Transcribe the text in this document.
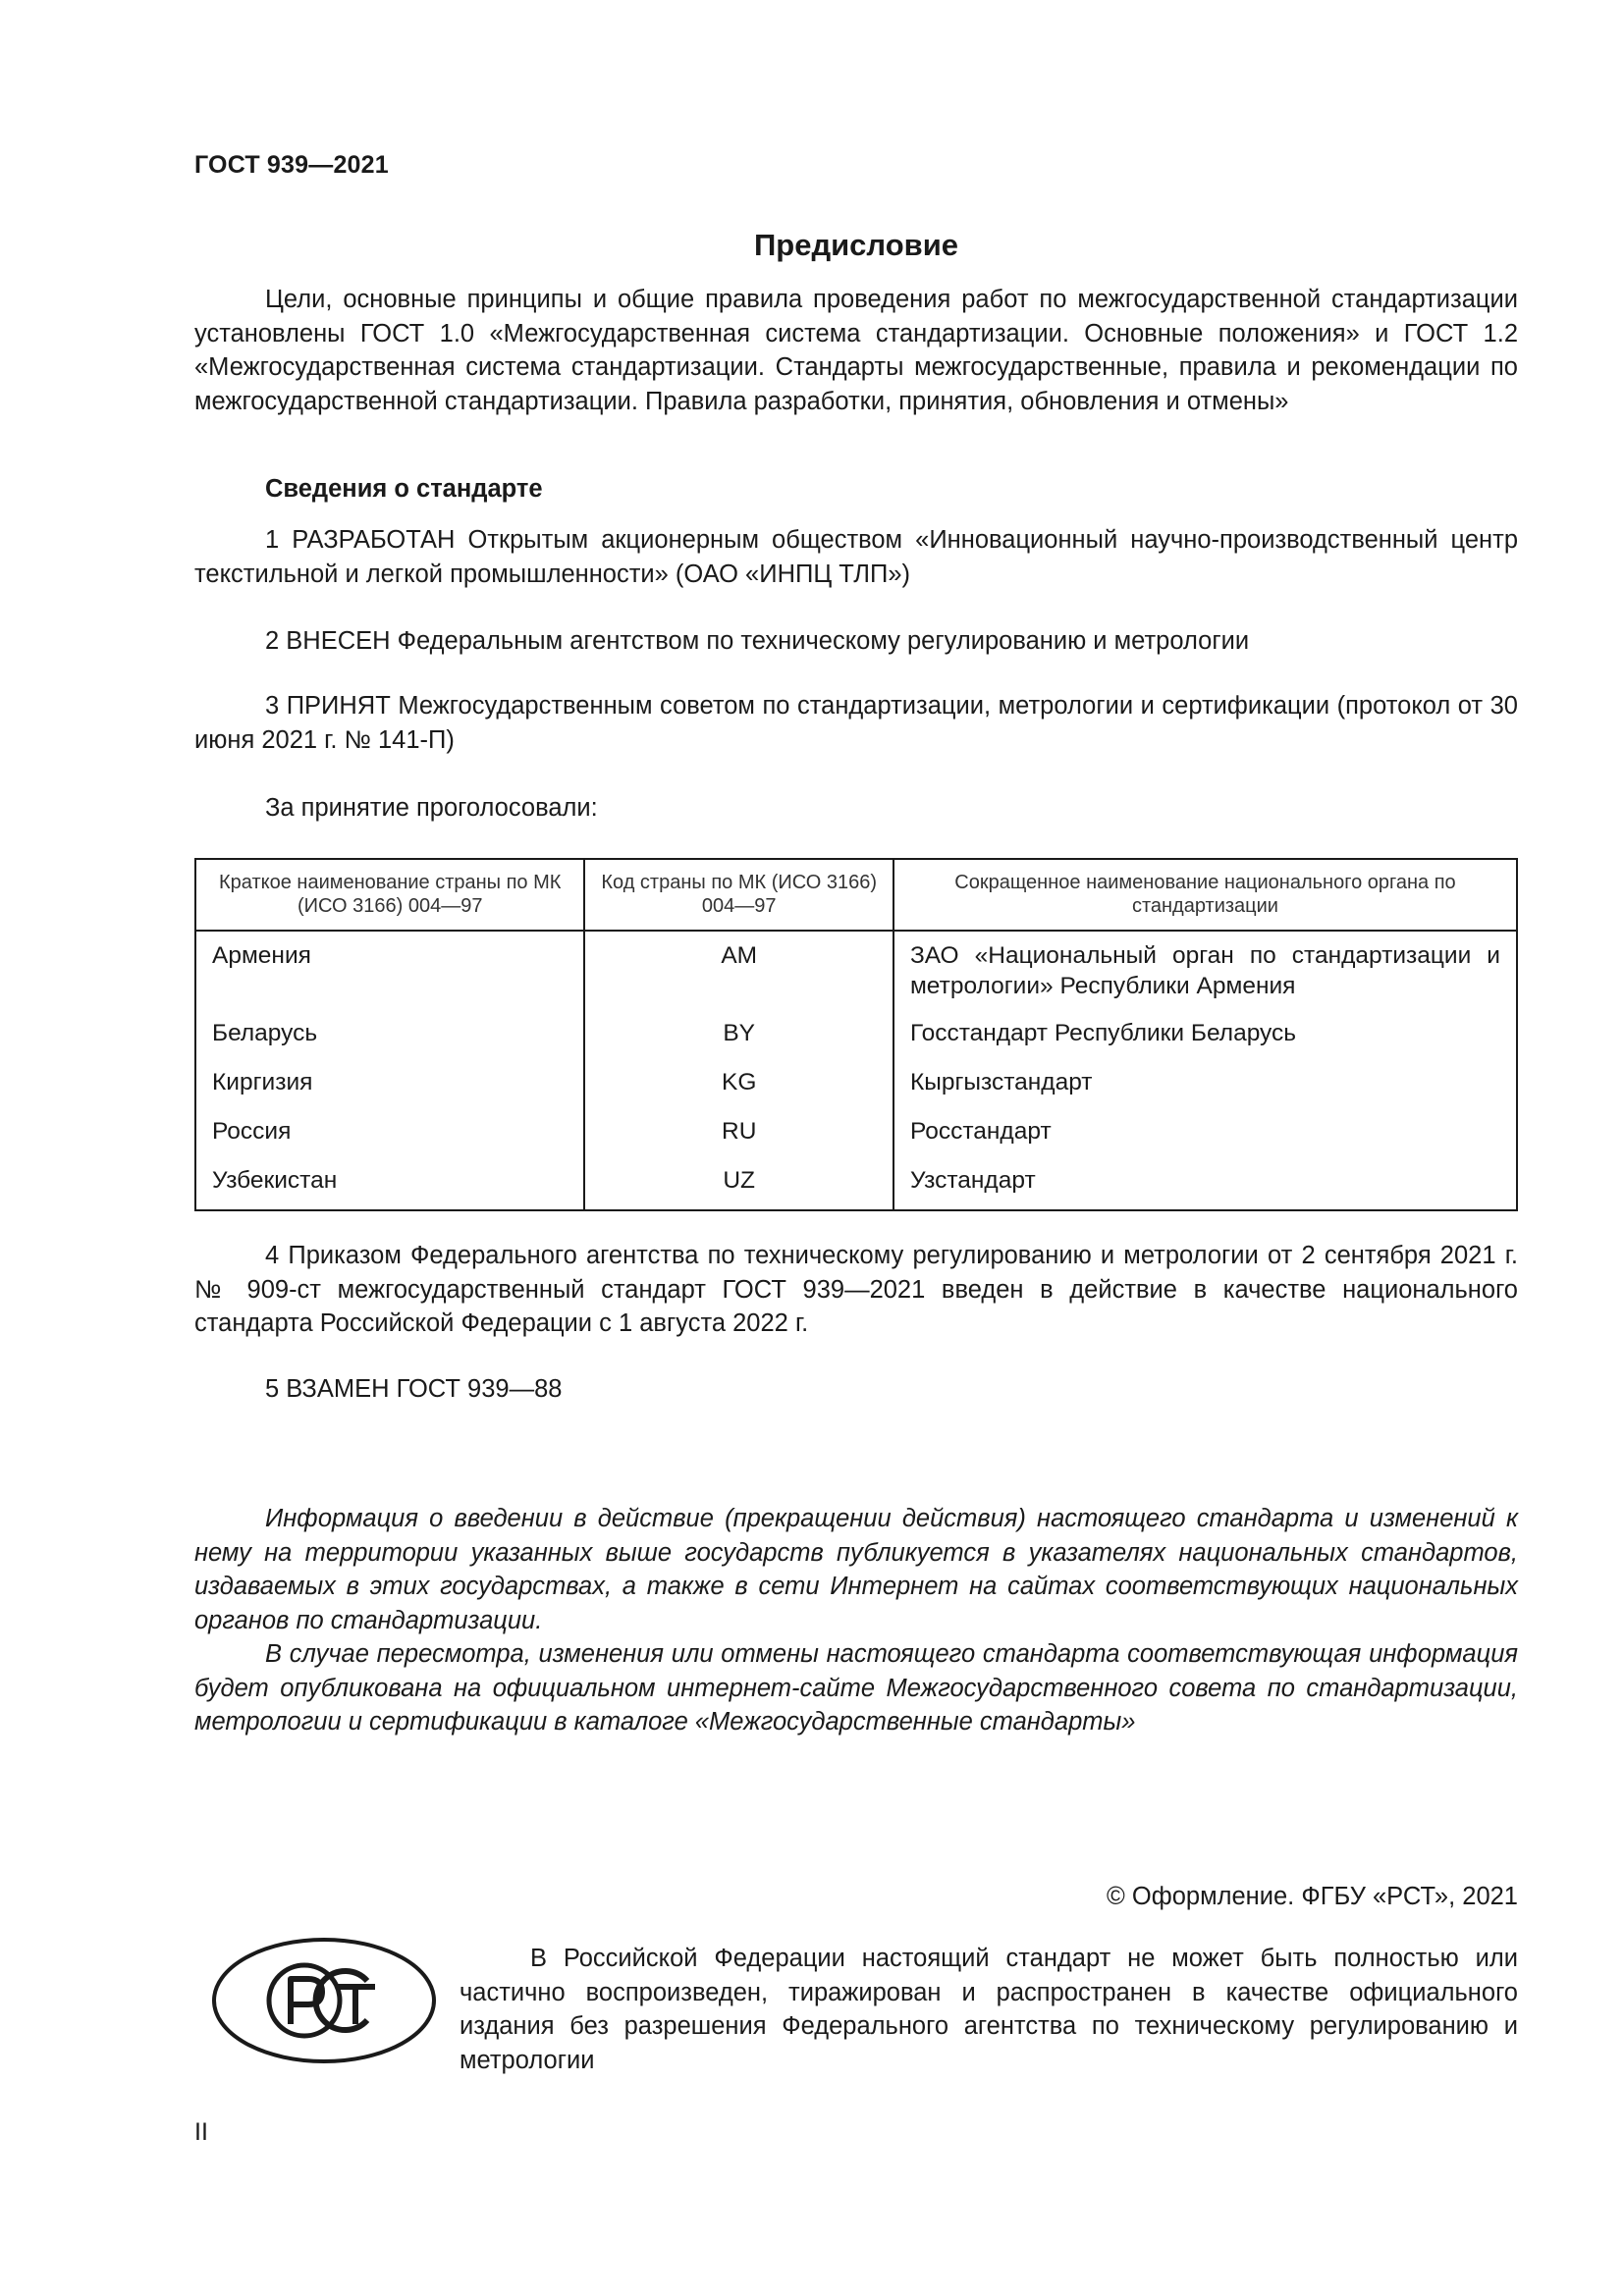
ГОСТ 939—2021
Предисловие

Цели, основные принципы и общие правила проведения работ по межгосударственной стандартизации установлены ГОСТ 1.0 «Межгосударственная система стандартизации. Основные положения» и ГОСТ 1.2 «Межгосударственная система стандартизации. Стандарты межгосударственные, правила и рекомендации по межгосударственной стандартизации. Правила разработки, принятия, обновления и отмены»

Сведения о стандарте

1 РАЗРАБОТАН Открытым акционерным обществом «Инновационный научно-производственный центр текстильной и легкой промышленности» (ОАО «ИНПЦ ТЛП»)

2 ВНЕСЕН Федеральным агентством по техническому регулированию и метрологии

3 ПРИНЯТ Межгосударственным советом по стандартизации, метрологии и сертификации (протокол от 30 июня 2021 г. № 141-П)

За принятие проголосовали:

Краткое наименование страны по МК (ИСО 3166) 004—97	Код страны по МК (ИСО 3166) 004—97	Сокращенное наименование национального органа по стандартизации
Армения	AM	ЗАО «Национальный орган по стандартизации и метрологии» Республики Армения
Беларусь	BY	Госстандарт Республики Беларусь
Киргизия	KG	Кыргызстандарт
Россия	RU	Росстандарт
Узбекистан	UZ	Узстандарт

4 Приказом Федерального агентства по техническому регулированию и метрологии от 2 сентября 2021 г. № 909-ст межгосударственный стандарт ГОСТ 939—2021 введен в действие в качестве национального стандарта Российской Федерации с 1 августа 2022 г.

5 ВЗАМЕН ГОСТ 939—88

Информация о введении в действие (прекращении действия) настоящего стандарта и изменений к нему на территории указанных выше государств публикуется в указателях национальных стандартов, издаваемых в этих государствах, а также в сети Интернет на сайтах соответствующих национальных органов по стандартизации.

В случае пересмотра, изменения или отмены настоящего стандарта соответствующая информация будет опубликована на официальном интернет-сайте Межгосударственного совета по стандартизации, метрологии и сертификации в каталоге «Межгосударственные стандарты»

© Оформление. ФГБУ «РСТ», 2021

В Российской Федерации настоящий стандарт не может быть полностью или частично воспроизведен, тиражирован и распространен в качестве официального издания без разрешения Федерального агентства по техническому регулированию и метрологии

II
